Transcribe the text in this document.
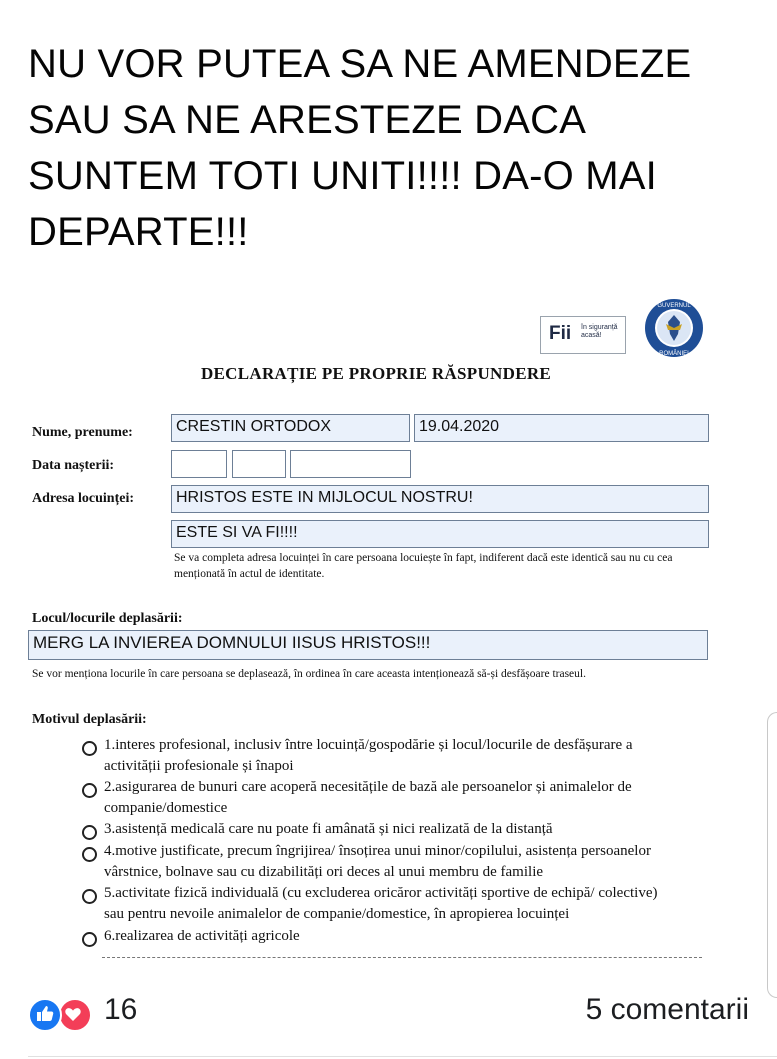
NU VOR PUTEA SA NE AMENDEZE SAU SA NE ARESTEZE DACA SUNTEM TOTI UNITI!!!! DA-O MAI DEPARTE!!!
Fii în siguranță acasă!
GUVERNUL
ROMÂNIEI
DECLARAȚIE PE PROPRIE RĂSPUNDERE
Nume, prenume:	CRESTIN ORTODOX	19.04.2020
Data nașterii:
Adresa locuinței:	HRISTOS ESTE IN MIJLOCUL NOSTRU!
ESTE SI VA FI!!!!
Se va completa adresa locuinței în care persoana locuiește în fapt, indiferent dacă este identică sau nu cu cea menționată în actul de identitate.
Locul/locurile deplasării:
MERG LA INVIEREA DOMNULUI IISUS HRISTOS!!!
Se vor menționa locurile în care persoana se deplasează, în ordinea în care aceasta intenționează să-și desfășoare traseul.
Motivul deplasării:
1.interes profesional, inclusiv între locuință/gospodărie și locul/locurile de desfășurare a
activității profesionale și înapoi
2.asigurarea de bunuri care acoperă necesitățile de bază ale persoanelor și animalelor de
companie/domestice
3.asistență medicală care nu poate fi amânată și nici realizată de la distanță
4.motive justificate, precum îngrijirea/ însoțirea unui minor/copilului, asistența persoanelor
vârstnice, bolnave sau cu dizabilități ori deces al unui membru de familie
5.activitate fizică individuală (cu excluderea oricăror activități sportive de echipă/ colective)
sau pentru nevoile animalelor de companie/domestice, în apropierea locuinței
6.realizarea de activități agricole
16	5 comentarii
